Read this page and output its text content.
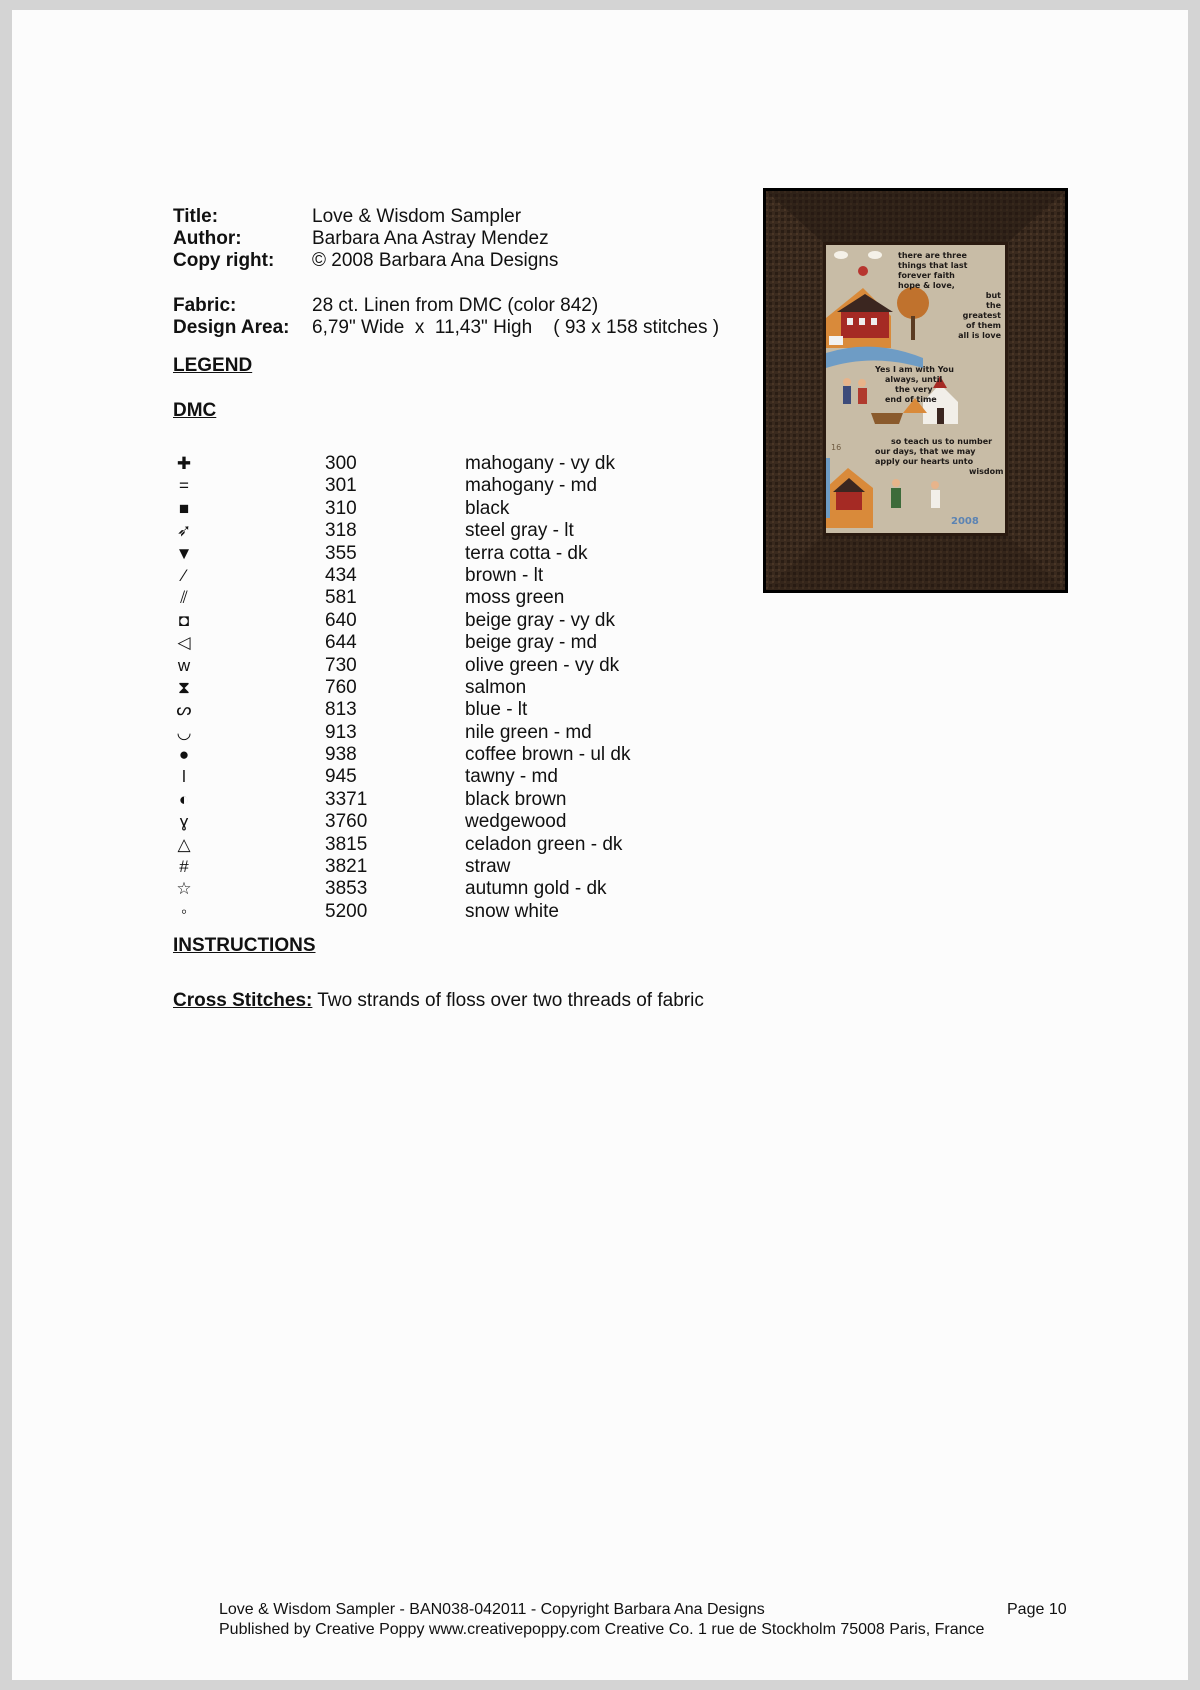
Title:	Love & Wisdom Sampler
Author:	Barbara Ana Astray Mendez
Copy right: © 2008 Barbara Ana Designs
Fabric:	28 ct. Linen from DMC (color 842)
Design Area: 6,79" Wide  x  11,43" High    ( 93 x 158 stitches )
LEGEND
DMC
✚	300	mahogany - vy dk
=	301	mahogany - md
■	310	black
➶	318	steel gray - lt
▼	355	terra cotta - dk
⁄	434	brown - lt
⫽	581	moss green
◘	640	beige gray - vy dk
◁	644	beige gray - md
w	730	olive green - vy dk
⧗	760	salmon
ᔕ	813	blue - lt
◡	913	nile green - md
●	938	coffee brown - ul dk
ǀ	945	tawny - md
◐	3371	black brown
ɣ	3760	wedgewood
△	3815	celadon green - dk
#	3821	straw
☆	3853	autumn gold - dk
◦	5200	snow white
INSTRUCTIONS
Cross Stitches: Two strands of floss over two threads of fabric
there are three
things that last
forever faith
hope & love,
but
the
greatest
of them
all is love
Yes I am with You
always, until
the very
end of time
so teach us to number
our days, that we may
apply our hearts unto
wisdom
2008
16
Love & Wisdom Sampler - BAN038-042011 - Copyright Barbara Ana Designs
Published by Creative Poppy www.creativepoppy.com Creative Co. 1 rue de Stockholm 75008 Paris, France
Page 10
